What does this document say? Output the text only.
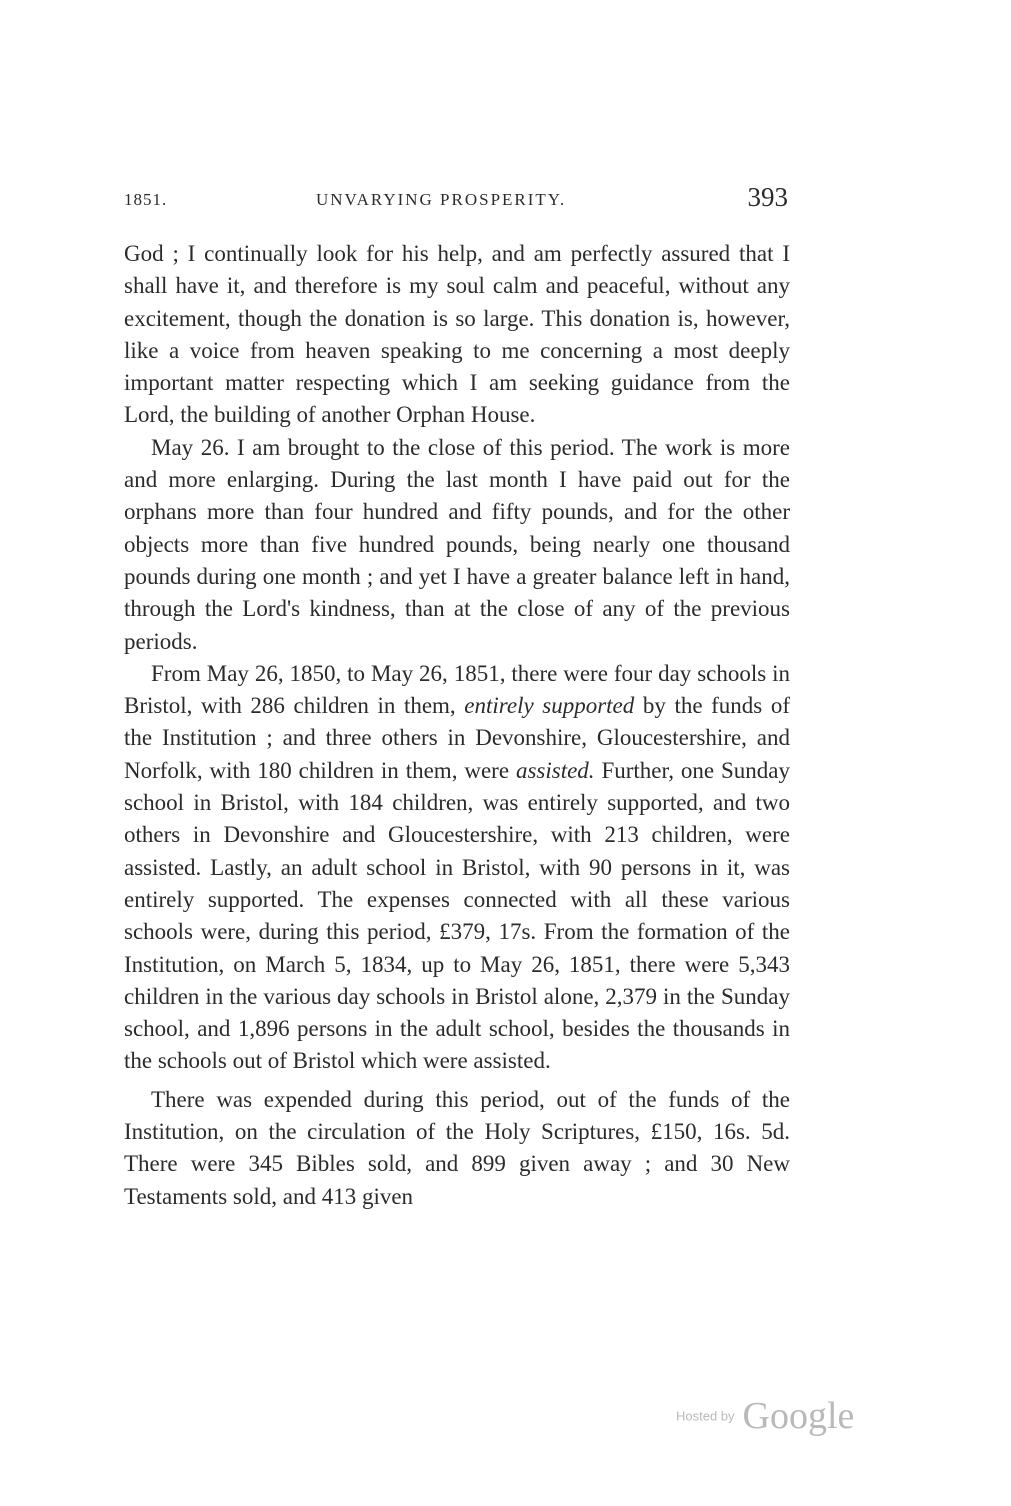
1851.	UNVARYING PROSPERITY.	393

God ; I continually look for his help, and am perfectly assured that I shall have it, and therefore is my soul calm and peaceful, without any excitement, though the donation is so large. This donation is, however, like a voice from heaven speaking to me concerning a most deeply important matter respecting which I am seeking guidance from the Lord, the building of another Orphan House.

May 26. I am brought to the close of this period. The work is more and more enlarging. During the last month I have paid out for the orphans more than four hundred and fifty pounds, and for the other objects more than five hundred pounds, being nearly one thousand pounds during one month ; and yet I have a greater balance left in hand, through the Lord's kindness, than at the close of any of the previous periods.

From May 26, 1850, to May 26, 1851, there were four day schools in Bristol, with 286 children in them, entirely supported by the funds of the Institution ; and three others in Devonshire, Gloucestershire, and Norfolk, with 180 children in them, were assisted. Further, one Sunday school in Bristol, with 184 children, was entirely supported, and two others in Devonshire and Gloucestershire, with 213 children, were assisted. Lastly, an adult school in Bristol, with 90 persons in it, was entirely supported. The expenses connected with all these various schools were, during this period, £379, 17s. From the formation of the Institution, on March 5, 1834, up to May 26, 1851, there were 5,343 children in the various day schools in Bristol alone, 2,379 in the Sunday school, and 1,896 persons in the adult school, besides the thousands in the schools out of Bristol which were assisted.

There was expended during this period, out of the funds of the Institution, on the circulation of the Holy Scriptures, £150, 16s. 5d. There were 345 Bibles sold, and 899 given away ; and 30 New Testaments sold, and 413 given

Hosted by Google
